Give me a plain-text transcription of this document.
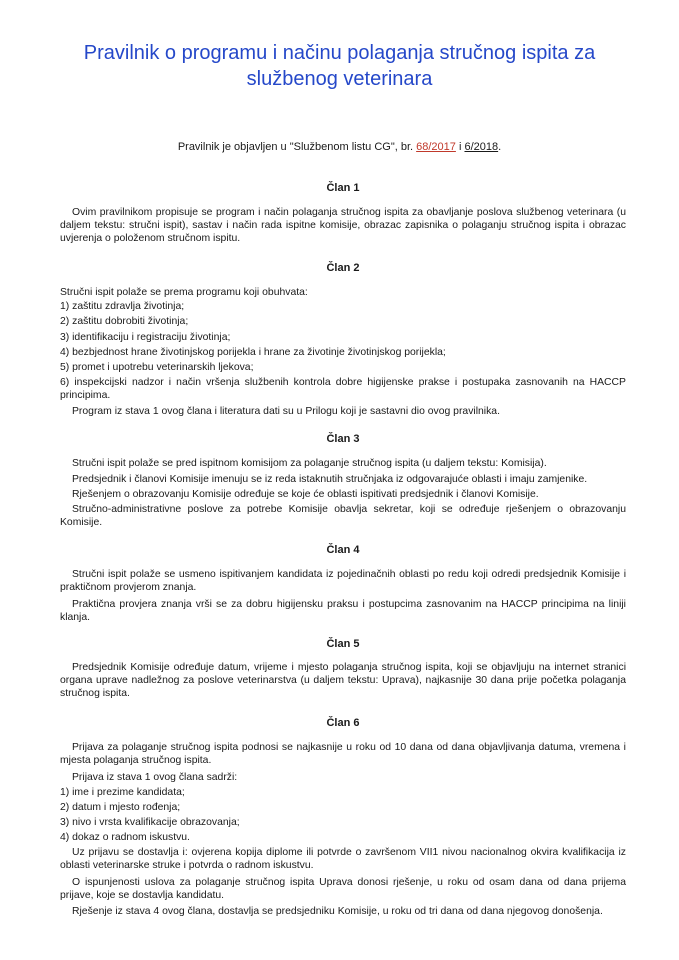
Pravilnik o programu i načinu polaganja stručnog ispita za službenog veterinara
Pravilnik je objavljen u "Službenom listu CG", br. 68/2017 i 6/2018.
Član 1
Ovim pravilnikom propisuje se program i način polaganja stručnog ispita za obavljanje poslova službenog veterinara (u daljem tekstu: stručni ispit), sastav i način rada ispitne komisije, obrazac zapisnika o polaganju stručnog ispita i obrazac uvjerenja o položenom stručnom ispitu.
Član 2
Stručni ispit polaže se prema programu koji obuhvata:
1) zaštitu zdravlja životinja;
2) zaštitu dobrobiti životinja;
3) identifikaciju i registraciju životinja;
4) bezbjednost hrane životinjskog porijekla i hrane za životinje životinjskog porijekla;
5) promet i upotrebu veterinarskih ljekova;
6) inspekcijski nadzor i način vršenja službenih kontrola dobre higijenske prakse i postupaka zasnovanih na HACCP principima.
Program iz stava 1 ovog člana i literatura dati su u Prilogu koji je sastavni dio ovog pravilnika.
Član 3
Stručni ispit polaže se pred ispitnom komisijom za polaganje stručnog ispita (u daljem tekstu: Komisija).
Predsjednik i članovi Komisije imenuju se iz reda istaknutih stručnjaka iz odgovarajuće oblasti i imaju zamjenike.
Rješenjem o obrazovanju Komisije određuje se koje će oblasti ispitivati predsjednik i članovi Komisije.
Stručno-administrativne poslove za potrebe Komisije obavlja sekretar, koji se određuje rješenjem o obrazovanju Komisije.
Član 4
Stručni ispit polaže se usmeno ispitivanjem kandidata iz pojedinačnih oblasti po redu koji odredi predsjednik Komisije i praktičnom provjerom znanja.
Praktična provjera znanja vrši se za dobru higijensku praksu i postupcima zasnovanim na HACCP principima na liniji klanja.
Član 5
Predsjednik Komisije određuje datum, vrijeme i mjesto polaganja stručnog ispita, koji se objavljuju na internet stranici organa uprave nadležnog za poslove veterinarstva (u daljem tekstu: Uprava), najkasnije 30 dana prije početka polaganja stručnog ispita.
Član 6
Prijava za polaganje stručnog ispita podnosi se najkasnije u roku od 10 dana od dana objavljivanja datuma, vremena i mjesta polaganja stručnog ispita.
Prijava iz stava 1 ovog člana sadrži:
1) ime i prezime kandidata;
2) datum i mjesto rođenja;
3) nivo i vrsta kvalifikacije obrazovanja;
4) dokaz o radnom iskustvu.
Uz prijavu se dostavlja i: ovjerena kopija diplome ili potvrde o završenom VII1 nivou nacionalnog okvira kvalifikacija iz oblasti veterinarske struke i potvrda o radnom iskustvu.
O ispunjenosti uslova za polaganje stručnog ispita Uprava donosi rješenje, u roku od osam dana od dana prijema prijave, koje se dostavlja kandidatu.
Rješenje iz stava 4 ovog člana, dostavlja se predsjedniku Komisije, u roku od tri dana od dana njegovog donošenja.
